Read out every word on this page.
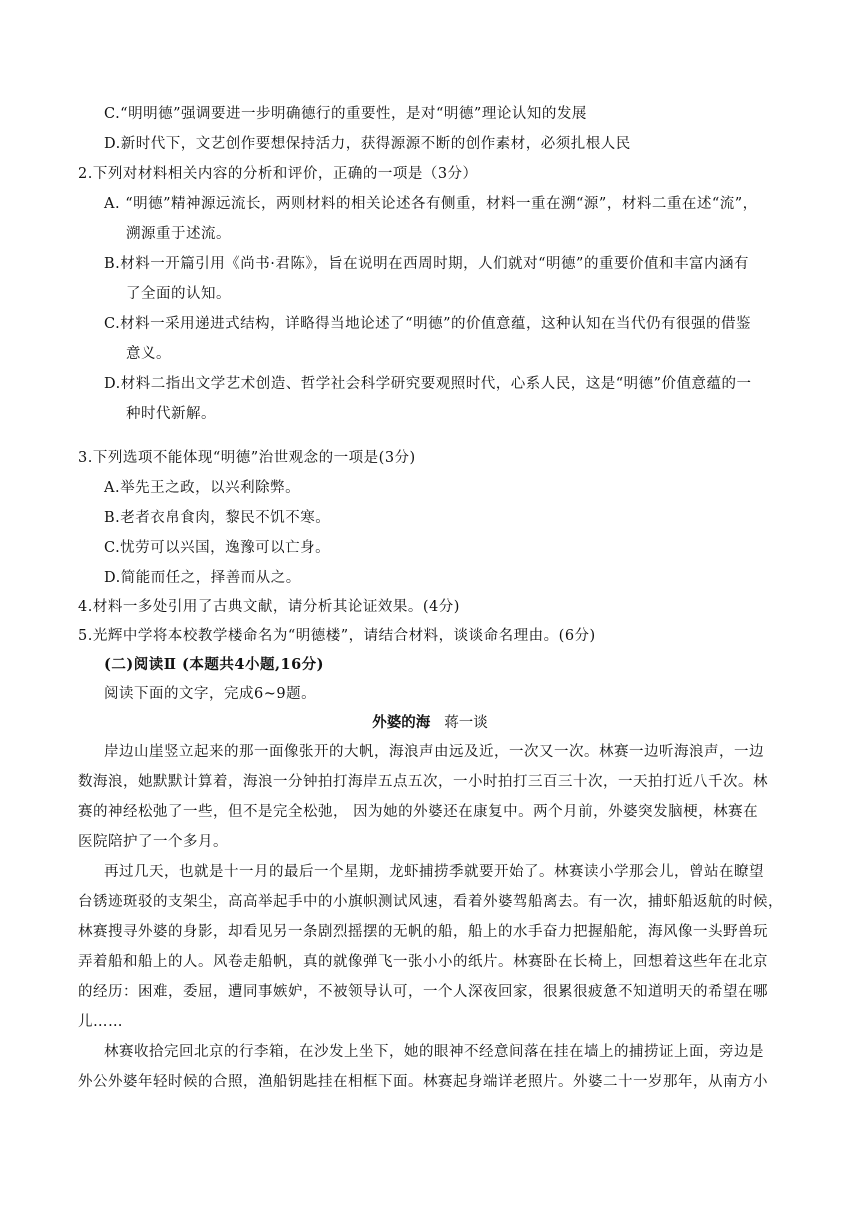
C.“明明德”强调要进一步明确德行的重要性，是对“明德”理论认知的发展
D.新时代下，文艺创作要想保持活力，获得源源不断的创作素材，必须扎根人民
2.下列对材料相关内容的分析和评价，正确的一项是（3分）
A. “明德”精神源远流长，两则材料的相关论述各有侧重，材料一重在溯“源”，材料二重在述“流”，
溯源重于述流。
B.材料一开篇引用《尚书·君陈》，旨在说明在西周时期，人们就对“明德”的重要价值和丰富内涵有
了全面的认知。
C.材料一采用递进式结构，详略得当地论述了“明德”的价值意蕴，这种认知在当代仍有很强的借鉴
意义。
D.材料二指出文学艺术创造、哲学社会科学研究要观照时代，心系人民，这是“明德”价值意蕴的一
种时代新解。
3.下列选项不能体现“明德”治世观念的一项是(3分)
A.举先王之政，以兴利除弊。
B.老者衣帛食肉，黎民不饥不寒。
C.忧劳可以兴国，逸豫可以亡身。
D.简能而任之，择善而从之。
4.材料一多处引用了古典文献，请分析其论证效果。(4分)
5.光辉中学将本校教学楼命名为“明德楼”，请结合材料，谈谈命名理由。(6分)
(二)阅读Ⅱ (本题共4小题,16分)
阅读下面的文字，完成6~9题。
外婆的海 蒋一谈
岸边山崖竖立起来的那一面像张开的大帆，海浪声由远及近，一次又一次。林赛一边听海浪声，一边
数海浪，她默默计算着，海浪一分钟拍打海岸五点五次，一小时拍打三百三十次，一天拍打近八千次。林
赛的神经松弛了一些，但不是完全松弛， 因为她的外婆还在康复中。两个月前，外婆突发脑梗，林赛在
医院陪护了一个多月。
再过几天，也就是十一月的最后一个星期，龙虾捕捞季就要开始了。林赛读小学那会儿，曾站在瞭望
台锈迹斑驳的支架尘，高高举起手中的小旗帜测试风速，看着外婆驾船离去。有一次，捕虾船返航的时候，
林赛搜寻外婆的身影，却看见另一条剧烈摇摆的无帆的船，船上的水手奋力把握船舵，海风像一头野兽玩
弄着船和船上的人。风卷走船帆，真的就像弹飞一张小小的纸片。林赛卧在长椅上，回想着这些年在北京
的经历：困难，委屈，遭同事嫉妒，不被领导认可，一个人深夜回家，很累很疲惫不知道明天的希望在哪
儿……
林赛收拾完回北京的行李箱，在沙发上坐下，她的眼神不经意间落在挂在墙上的捕捞证上面，旁边是
外公外婆年轻时候的合照，渔船钥匙挂在相框下面。林赛起身端详老照片。外婆二十一岁那年，从南方小
